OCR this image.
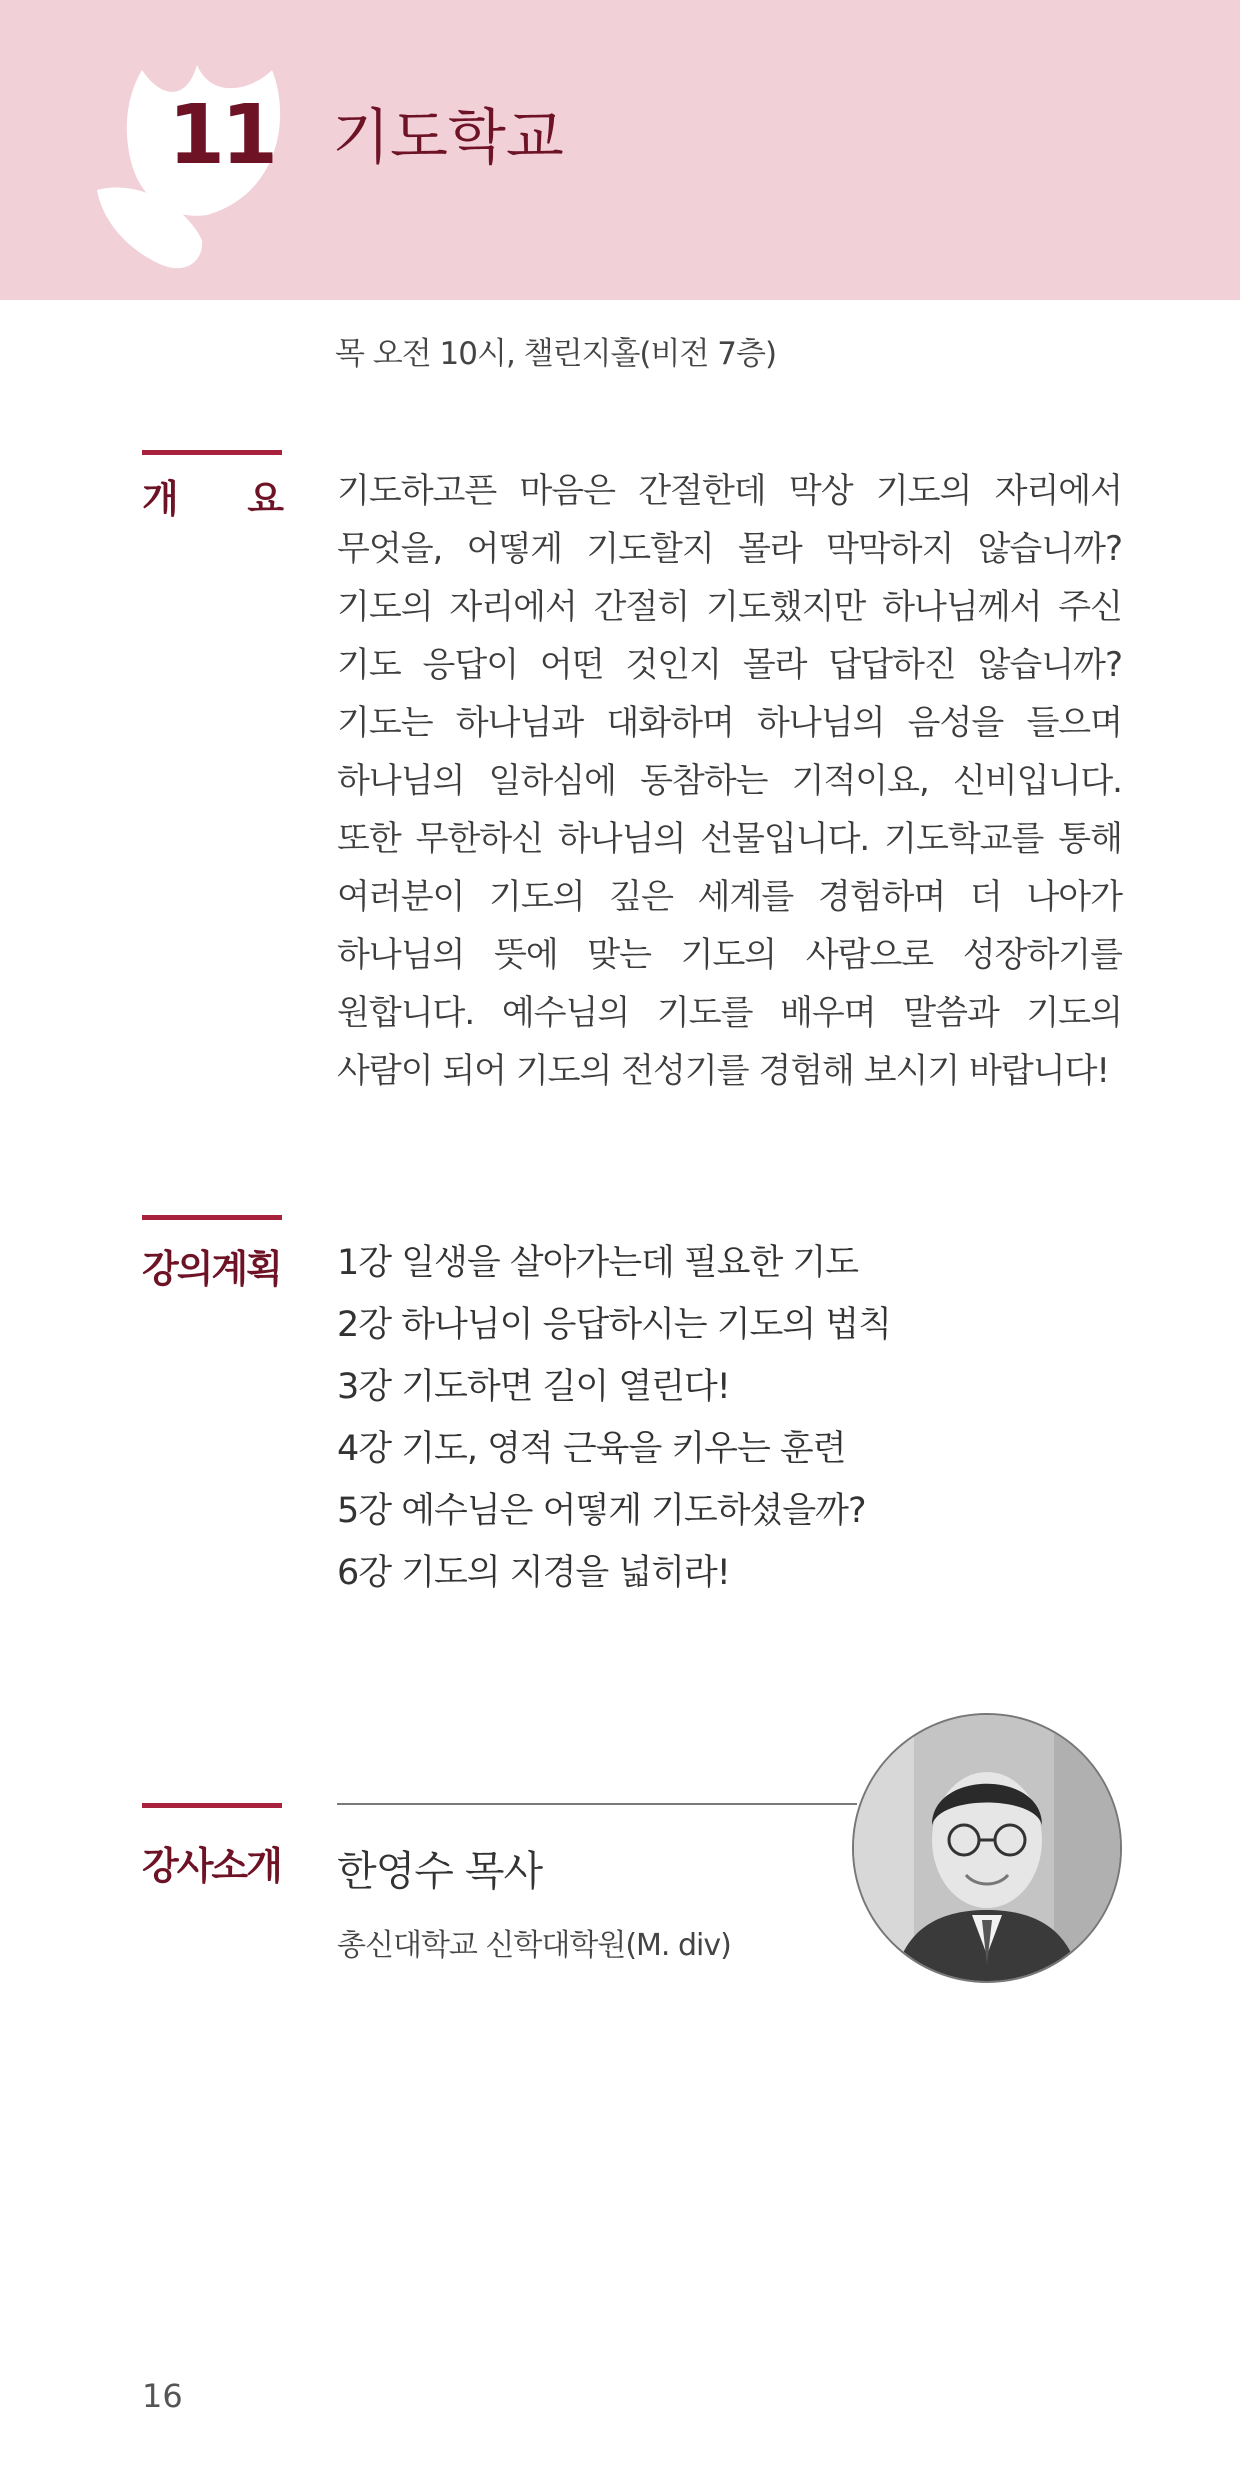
11 기도학교
목 오전 10시, 챌린지홀(비전 7층)
개 요 기도하고픈 마음은 간절한데 막상 기도의 자리에서 무엇을, 어떻게 기도할지 몰라 막막하지 않습니까? 기도의 자리에서 간절히 기도했지만 하나님께서 주신 기도 응답이 어떤 것인지 몰라 답답하진 않습니까? 기도는 하나님과 대화하며 하나님의 음성을 들으며 하나님의 일하심에 동참하는 기적이요, 신비입니다. 또한 무한하신 하나님의 선물입니다. 기도학교를 통해 여러분이 기도의 깊은 세계를 경험하며 더 나아가 하나님의 뜻에 맞는 기도의 사람으로 성장하기를 원합니다. 예수님의 기도를 배우며 말씀과 기도의 사람이 되어 기도의 전성기를 경험해 보시기 바랍니다!
강의계획 1강 일생을 살아가는데 필요한 기도
2강 하나님이 응답하시는 기도의 법칙
3강 기도하면 길이 열린다!
4강 기도, 영적 근육을 키우는 훈련
5강 예수님은 어떻게 기도하셨을까?
6강 기도의 지경을 넓히라!
강사소개 한영수 목사
총신대학교 신학대학원(M. div)
16
